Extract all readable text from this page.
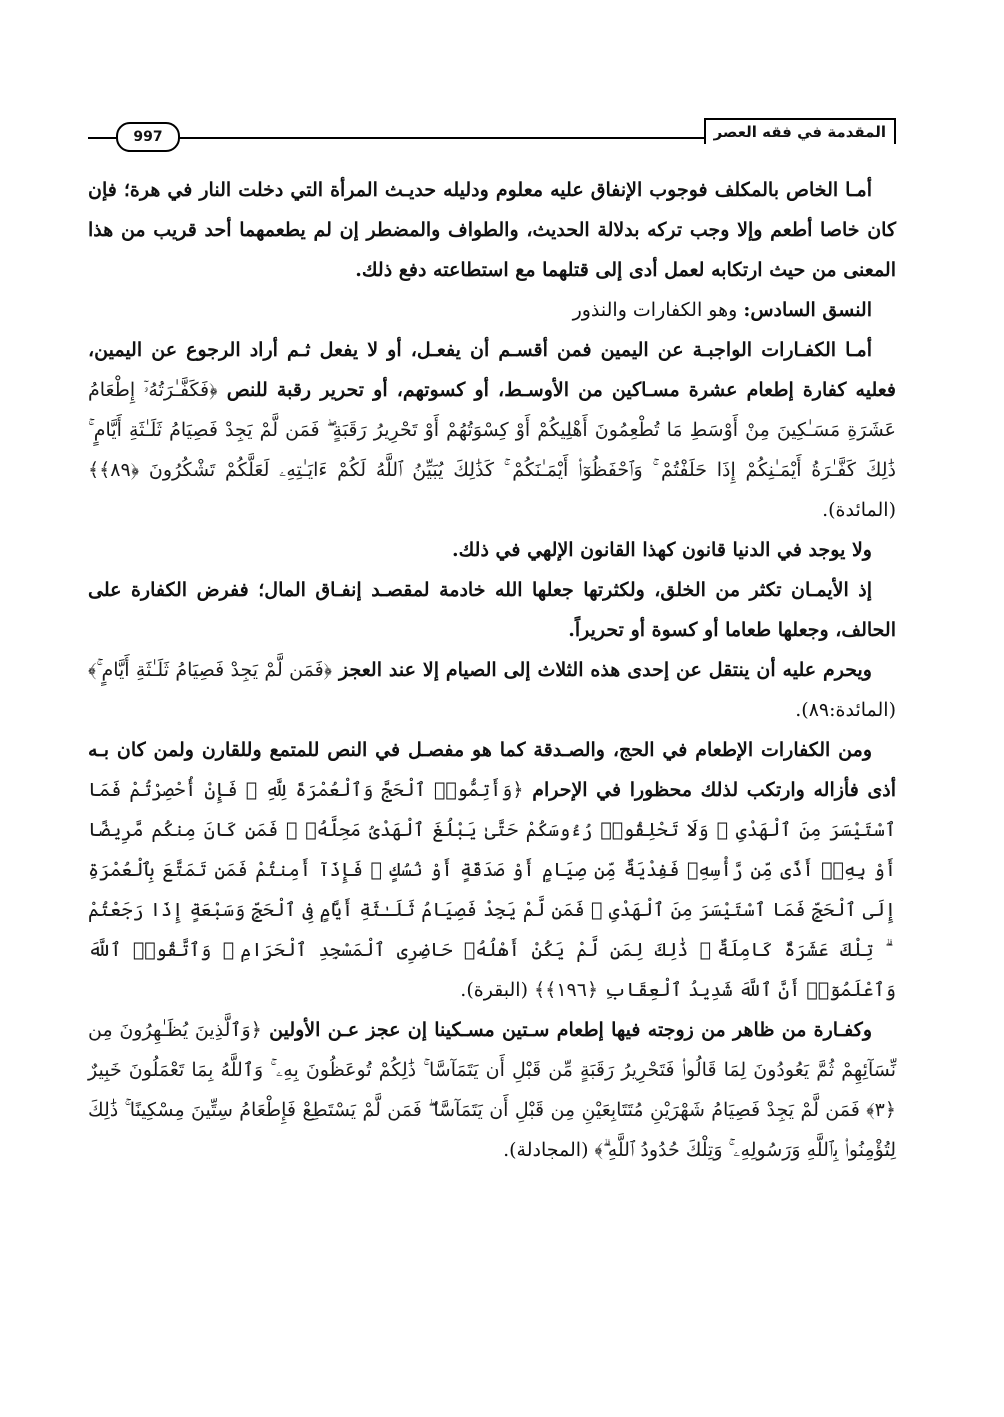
997	المقدمة في فقه العصر

أمـا الخاص بالمكلف فوجوب الإنفاق عليه معلوم ودليله حديـث المرأة التي دخلت النار في هرة؛ فإن كان خاصا أطعم وإلا وجب تركه بدلالة الحديث، والطواف والمضطر إن لم يطعمهما أحد قريب من هذا المعنى من حيث ارتكابه لعمل أدى إلى قتلهما مع استطاعته دفع ذلك.

النسق السادس: وهو الكفارات والنذور

أمـا الكفـارات الواجبـة عن اليمين فمن أقسـم أن يفعـل، أو لا يفعل ثـم أراد الرجوع عن اليمين، فعليه كفارة إطعام عشرة مسـاكين من الأوسـط، أو كسوتهم، أو تحرير رقبة للنص ﴿فَكَفَّـٰرَتُهُۥٓ إِطْعَامُ عَشَرَةِ مَسَـٰكِينَ مِنْ أَوْسَطِ مَا تُطْعِمُونَ أَهْلِيكُمْ أَوْ كِسْوَتُهُمْ أَوْ تَحْرِيرُ رَقَبَةٍ ۖ فَمَن لَّمْ يَجِدْ فَصِيَامُ ثَلَـٰثَةِ أَيَّامٍ ۚ ذَٰلِكَ كَفَّـٰرَةُ أَيْمَـٰنِكُمْ إِذَا حَلَفْتُمْ ۚ وَٱحْفَظُوٓا۟ أَيْمَـٰنَكُمْ ۚ كَذَٰلِكَ يُبَيِّنُ ٱللَّهُ لَكُمْ ءَايَـٰتِهِۦ لَعَلَّكُمْ تَشْكُرُونَ ﴿٨٩﴾﴾ (المائدة).

ولا يوجد في الدنيا قانون كهذا القانون الإلهي في ذلك.

إذ الأيمـان تكثر من الخلق، ولكثرتها جعلها الله خادمة لمقصـد إنفـاق المال؛ ففرض الكفارة على الحالف، وجعلها طعاما أو كسوة أو تحريراً.

ويحرم عليه أن ينتقل عن إحدى هذه الثلاث إلى الصيام إلا عند العجز ﴿فَمَن لَّمْ يَجِدْ فَصِيَامُ ثَلَـٰثَةِ أَيَّامٍ ۚ﴾ (المائدة:٨٩).

ومن الكفارات الإطعام في الحج، والصـدقة كما هو مفصـل في النص للمتمع وللقارن ولمن كان بـه أذى فأزاله وارتكب لذلك محظورا في الإحرام ﴿وَأَتِمُّوا۟ ٱلْحَجَّ وَٱلْعُمْرَةَ لِلَّهِ ۚ فَإِنْ أُحْصِرْتُمْ فَمَا ٱسْتَيْسَرَ مِنَ ٱلْهَدْىِ ۖ وَلَا تَحْلِقُوا۟ رُءُوسَكُمْ حَتَّىٰ يَبْلُغَ ٱلْهَدْىُ مَحِلَّهُۥ ۚ فَمَن كَانَ مِنكُم مَّرِيضًا أَوْ بِهِۦٓ أَذًى مِّن رَّأْسِهِۦ فَفِدْيَةٌ مِّن صِيَامٍ أَوْ صَدَقَةٍ أَوْ نُسُكٍ ۚ فَإِذَآ أَمِنتُمْ فَمَن تَمَتَّعَ بِٱلْعُمْرَةِ إِلَى ٱلْحَجِّ فَمَا ٱسْتَيْسَرَ مِنَ ٱلْهَدْىِ ۚ فَمَن لَّمْ يَجِدْ فَصِيَامُ ثَلَـٰثَةِ أَيَّامٍ فِى ٱلْحَجِّ وَسَبْعَةٍ إِذَا رَجَعْتُمْ ۗ تِلْكَ عَشَرَةٌ كَامِلَةٌ ۗ ذَٰلِكَ لِمَن لَّمْ يَكُنْ أَهْلُهُۥ حَاضِرِى ٱلْمَسْجِدِ ٱلْحَرَامِ ۚ وَٱتَّقُوا۟ ٱللَّهَ وَٱعْلَمُوٓا۟ أَنَّ ٱللَّهَ شَدِيدُ ٱلْعِقَابِ ﴿١٩٦﴾﴾ (البقرة).

وكفـارة من ظاهر من زوجته فيها إطعام سـتين مسـكينا إن عجز عـن الأولين ﴿وَٱلَّذِينَ يُظَـٰهِرُونَ مِن نِّسَآئِهِمْ ثُمَّ يَعُودُونَ لِمَا قَالُوا۟ فَتَحْرِيرُ رَقَبَةٍ مِّن قَبْلِ أَن يَتَمَآسَّا ۚ ذَٰلِكُمْ تُوعَظُونَ بِهِۦ ۚ وَٱللَّهُ بِمَا تَعْمَلُونَ خَبِيرٌ ﴿٣﴾ فَمَن لَّمْ يَجِدْ فَصِيَامُ شَهْرَيْنِ مُتَتَابِعَيْنِ مِن قَبْلِ أَن يَتَمَآسَّا ۖ فَمَن لَّمْ يَسْتَطِعْ فَإِطْعَامُ سِتِّينَ مِسْكِينًا ۚ ذَٰلِكَ لِتُؤْمِنُوا۟ بِٱللَّهِ وَرَسُولِهِۦ ۚ وَتِلْكَ حُدُودُ ٱللَّهِ ۗ﴾ (المجادلة).
